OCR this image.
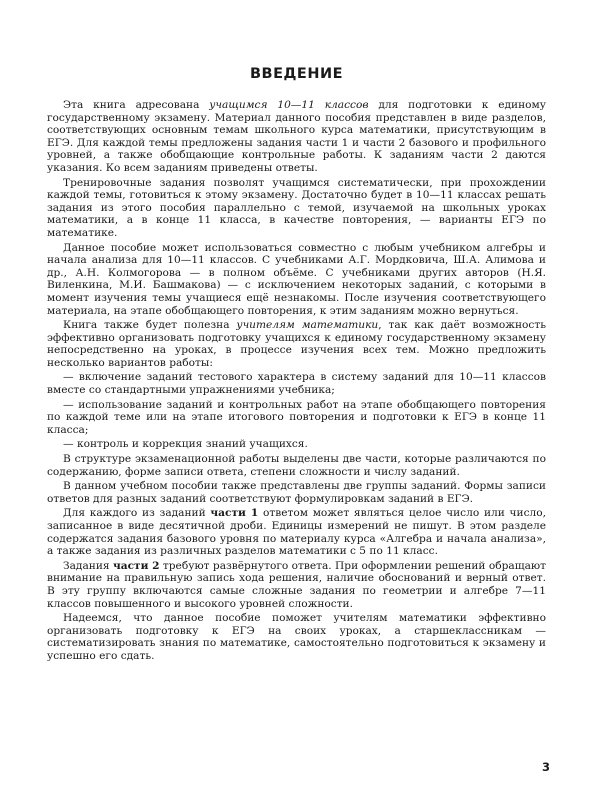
ВВЕДЕНИЕ

Эта книга адресована учащимся 10—11 классов для подготовки к единому государственному экзамену. Материал данного пособия представлен в виде разделов, соответствующих основным темам школьного курса математики, присутствующим в ЕГЭ. Для каждой темы предложены задания части 1 и части 2 базового и профильного уровней, а также обобщающие контрольные работы. К заданиям части 2 даются указания. Ко всем заданиям приведены ответы.

Тренировочные задания позволят учащимся систематически, при прохождении каждой темы, готовиться к этому экзамену. Достаточно будет в 10—11 классах решать задания из этого пособия параллельно с темой, изучаемой на школьных уроках математики, а в конце 11 класса, в качестве повторения, — варианты ЕГЭ по математике.

Данное пособие может использоваться совместно с любым учебником алгебры и начала анализа для 10—11 классов. С учебниками А.Г. Мордковича, Ш.А. Алимова и др., А.Н. Колмогорова — в полном объёме. С учебниками других авторов (Н.Я. Виленкина, М.И. Башмакова) — с исключением некоторых заданий, с которыми в момент изучения темы учащиеся ещё незнакомы. После изучения соответствующего материала, на этапе обобщающего повторения, к этим заданиям можно вернуться.

Книга также будет полезна учителям математики, так как даёт возможность эффективно организовать подготовку учащихся к единому государственному экзамену непосредственно на уроках, в процессе изучения всех тем. Можно предложить несколько вариантов работы:

— включение заданий тестового характера в систему заданий для 10—11 классов вместе со стандартными упражнениями учебника;

— использование заданий и контрольных работ на этапе обобщающего повторения по каждой теме или на этапе итогового повторения и подготовки к ЕГЭ в конце 11 класса;

— контроль и коррекция знаний учащихся.

В структуре экзаменационной работы выделены две части, которые различаются по содержанию, форме записи ответа, степени сложности и числу заданий.

В данном учебном пособии также представлены две группы заданий. Формы записи ответов для разных заданий соответствуют формулировкам заданий в ЕГЭ.

Для каждого из заданий части 1 ответом может являться целое число или число, записанное в виде десятичной дроби. Единицы измерений не пишут. В этом разделе содержатся задания базового уровня по материалу курса «Алгебра и начала анализа», а также задания из различных разделов математики с 5 по 11 класс.

Задания части 2 требуют развёрнутого ответа. При оформлении решений обращают внимание на правильную запись хода решения, наличие обоснований и верный ответ. В эту группу включаются самые сложные задания по геометрии и алгебре 7—11 классов повышенного и высокого уровней сложности.

Надеемся, что данное пособие поможет учителям математики эффективно организовать подготовку к ЕГЭ на своих уроках, а старшеклассникам — систематизировать знания по математике, самостоятельно подготовиться к экзамену и успешно его сдать.

3
